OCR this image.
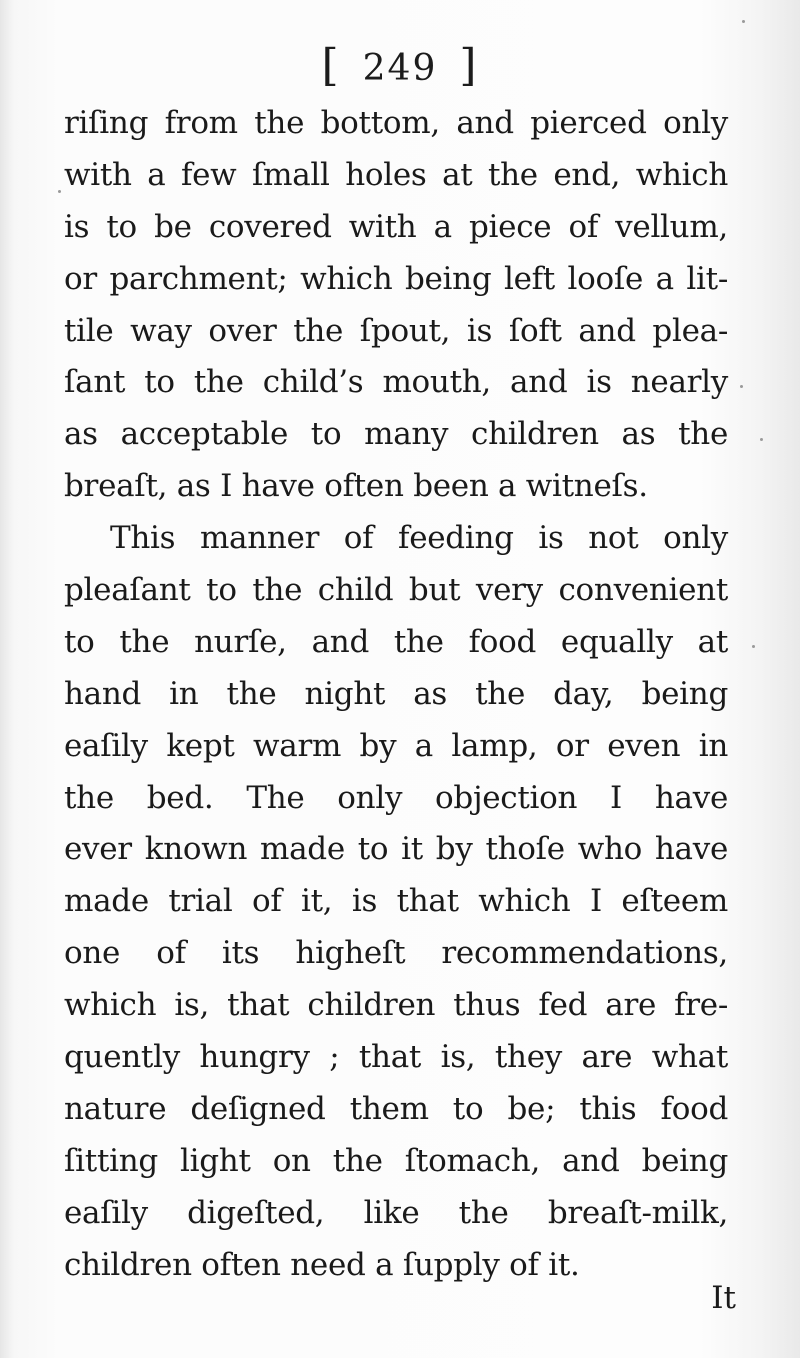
[ 249 ]
riſing from the bottom, and pierced only
with a few ſmall holes at the end, which
is to be covered with a piece of vellum,
or parchment; which being left looſe a lit-
tile way over the ſpout, is ſoft and plea-
ſant to the child’s mouth, and is nearly
as acceptable to many children as the
breaſt, as I have often been a witneſs.
This manner of feeding is not only
pleaſant to the child but very convenient
to the nurſe, and the food equally at
hand in the night as the day, being
eaſily kept warm by a lamp, or even in
the bed. The only objection I have
ever known made to it by thoſe who have
made trial of it, is that which I eſteem
one of its higheſt recommendations,
which is, that children thus fed are fre-
quently hungry ; that is, they are what
nature deſigned them to be; this food
ſitting light on the ſtomach, and being
eaſily digeſted, like the breaſt-milk,
children often need a ſupply of it.
It
